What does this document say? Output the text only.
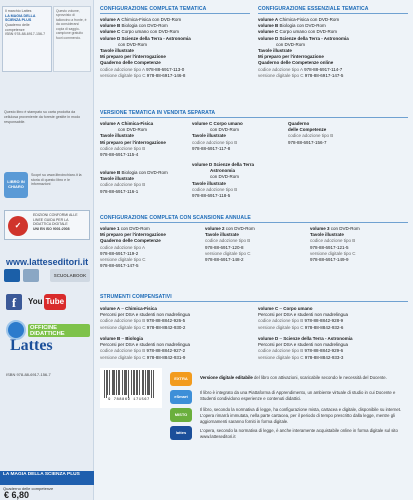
Il marchio Lattes
LA MAGIA DELLA SCIENZA PLUS
Quaderno delle competenze
ISBN 978-88-6917-156-7
Questo volume, sprovvisto di talloncino a fronte, è da considerarsi copia di saggio-campione gratuito fuori commercio.
Questo libro è stampato su carta prodotta da cellulosa proveniente da foreste gestite in modo responsabile.
LIBRO IN CHIARO
Scopri su www.libroinchiaro.it la storia di questo libro e le informazioni
✓
EDIZIONI CONFORMI ALLE LINEE GUIDA PER LA DIDATTICA DIGITALE
UNI EN ISO 9001:2008
www.latteseditori.it
SCUOLABOOK
f	You Tube
OFFICINE DIDATTICHE
Lattes
ISBN 978-88-6917-156-7
CONFIGURAZIONE COMPLETA TEMATICA	CONFIGURAZIONE ESSENZIALE TEMATICA
volume A Chimica-Fisica con DVD-Rom
volume B Biologia con DVD-Rom
volume C Corpo umano con DVD-Rom
volume D Scienze della Terra - Astronomia
con DVD-Rom
Tavole illustrate
Mi preparo per l'interrogazione
Quaderno delle Competenze
codice adozione tipo A 978-88-6917-113-0
versione digitale tipo C 978-88-6917-146-8
volume A Chimica-Fisica con DVD-Rom
volume B Biologia con DVD-Rom
volume C Corpo umano con DVD-Rom
volume D Scienze della Terra - Astronomia
con DVD-Rom
Tavole illustrate
Mi preparo per l'interrogazione
Quaderno delle Competenze online
codice adozione tipo A 978-88-6917-114-7
versione digitale tipo C 978-88-6917-147-5
VERSIONE TEMATICA IN VENDITA SEPARATA
volume A Chimica-Fisica
con DVD-Rom
Tavole illustrate
Mi preparo per l'interrogazione
codice adozione tipo B
978-88-6917-115-4
volume B Biologia con DVD-Rom
Tavole illustrate
codice adozione tipo B
978-88-6917-116-1
volume C Corpo umano
con DVD-Rom
Tavole illustrate
codice adozione tipo B
978-88-6917-117-8
volume D Scienze della Terra
Astronomia
con DVD-Rom
Tavole illustrate
codice adozione tipo B
978-88-6917-118-5
Quaderno
delle Competenze
codice adozione tipo B
978-88-6917-156-7
CONFIGURAZIONE COMPLETA CON SCANSIONE ANNUALE
volume 1 con DVD-Rom
Mi preparo per l'interrogazione
Quaderno delle Competenze
codice adozione tipo A
978-88-6917-119-2
versione digitale tipo C
978-88-6917-147-5
volume 2 con DVD-Rom
Tavole illustrate
codice adozione tipo B
978-88-6917-120-8
versione digitale tipo C
978-88-6917-148-2
volume 3 con DVD-Rom
Tavole illustrate
codice adozione tipo B
978-88-6917-121-5
versione digitale tipo C
978-88-6917-149-9
STRUMENTI COMPENSATIVI
volume A – Chimica-Fisica
Percorsi per DSA e studenti non madrelingua
codice adozione tipo B 978-88-8842-926-5
versione digitale tipo C 978-88-8842-930-2
volume B – Biologia
Percorsi per DSA e studenti non madrelingua
codice adozione tipo B 978-88-8842-927-2
versione digitale tipo C 978-88-8842-931-9
volume C – Corpo umano
Percorsi per DSA e studenti non madrelingua
codice adozione tipo B 978-88-8842-928-9
versione digitale tipo C 978-88-8842-932-6
volume D – Scienze della Terra - Astronomia
Percorsi per DSA e studenti non madrelingua
codice adozione tipo B 978-88-8842-929-6
versione digitale tipo C 978-88-8842-933-3
9 788869 171567
EXTRA	Versione digitale editabile del libro con attivazioni, scaricabile secondo le necessità del Docente.
eSmart
Il libro è integrato da una Piattaforma di Apprendimento, un ambiente virtuale di studio in cui Docente e Studenti condividono esperienze e contenuti didattici.
MISTO
Il libro, secondo la normativa di legge, ha configurazione mista, cartacea e digitale, disponibile su internet. L'opera rimarrà immutata, nella parte cartacea, per il periodo di tempo prescritto dalla legge, mentre gli aggiornamenti saranno forniti in forma digitale.
lattes	L'opera, secondo la normativa di legge, è anche interamente acquistabile online in forma digitale sul sito www.latteseditori.it
LA MAGIA DELLA SCIENZA PLUS
Quaderno delle competenze
€ 6,80
